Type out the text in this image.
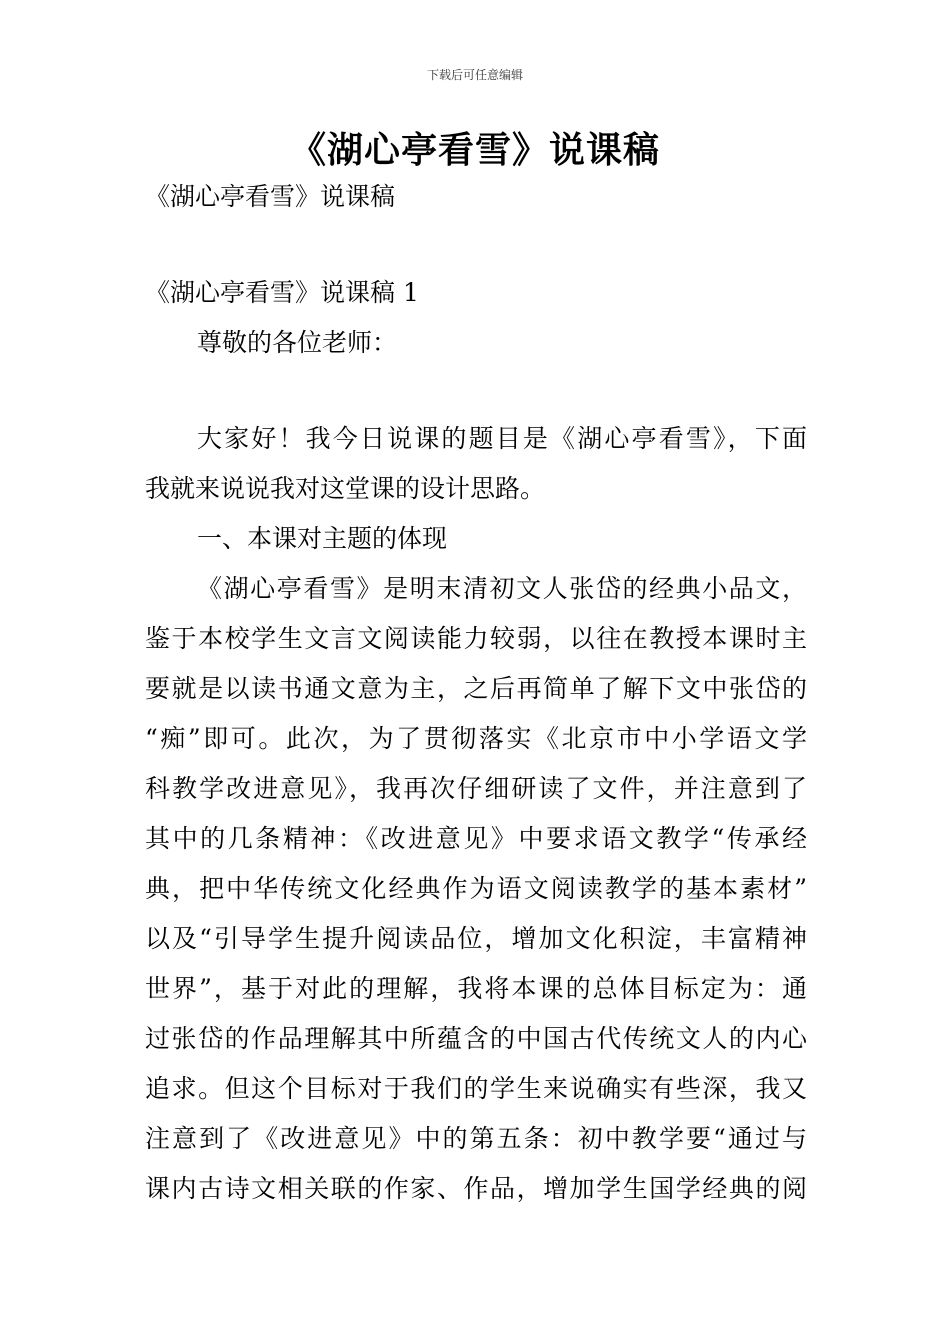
下载后可任意编辑
《湖心亭看雪》说课稿
《湖心亭看雪》说课稿
《湖心亭看雪》说课稿 1
尊敬的各位老师：
大家好！我今日说课的题目是《湖心亭看雪》，下面
我就来说说我对这堂课的设计思路。
一、本课对主题的体现
《湖心亭看雪》是明末清初文人张岱的经典小品文，
鉴于本校学生文言文阅读能力较弱，以往在教授本课时主
要就是以读书通文意为主，之后再简单了解下文中张岱的
“痴”即可。此次，为了贯彻落实《北京市中小学语文学
科教学改进意见》，我再次仔细研读了文件，并注意到了
其中的几条精神：《改进意见》中要求语文教学“传承经
典，把中华传统文化经典作为语文阅读教学的基本素材”
以及“引导学生提升阅读品位，增加文化积淀，丰富精神
世界”，基于对此的理解，我将本课的总体目标定为：通
过张岱的作品理解其中所蕴含的中国古代传统文人的内心
追求。但这个目标对于我们的学生来说确实有些深，我又
注意到了《改进意见》中的第五条：初中教学要“通过与
课内古诗文相关联的作家、作品，增加学生国学经典的阅
